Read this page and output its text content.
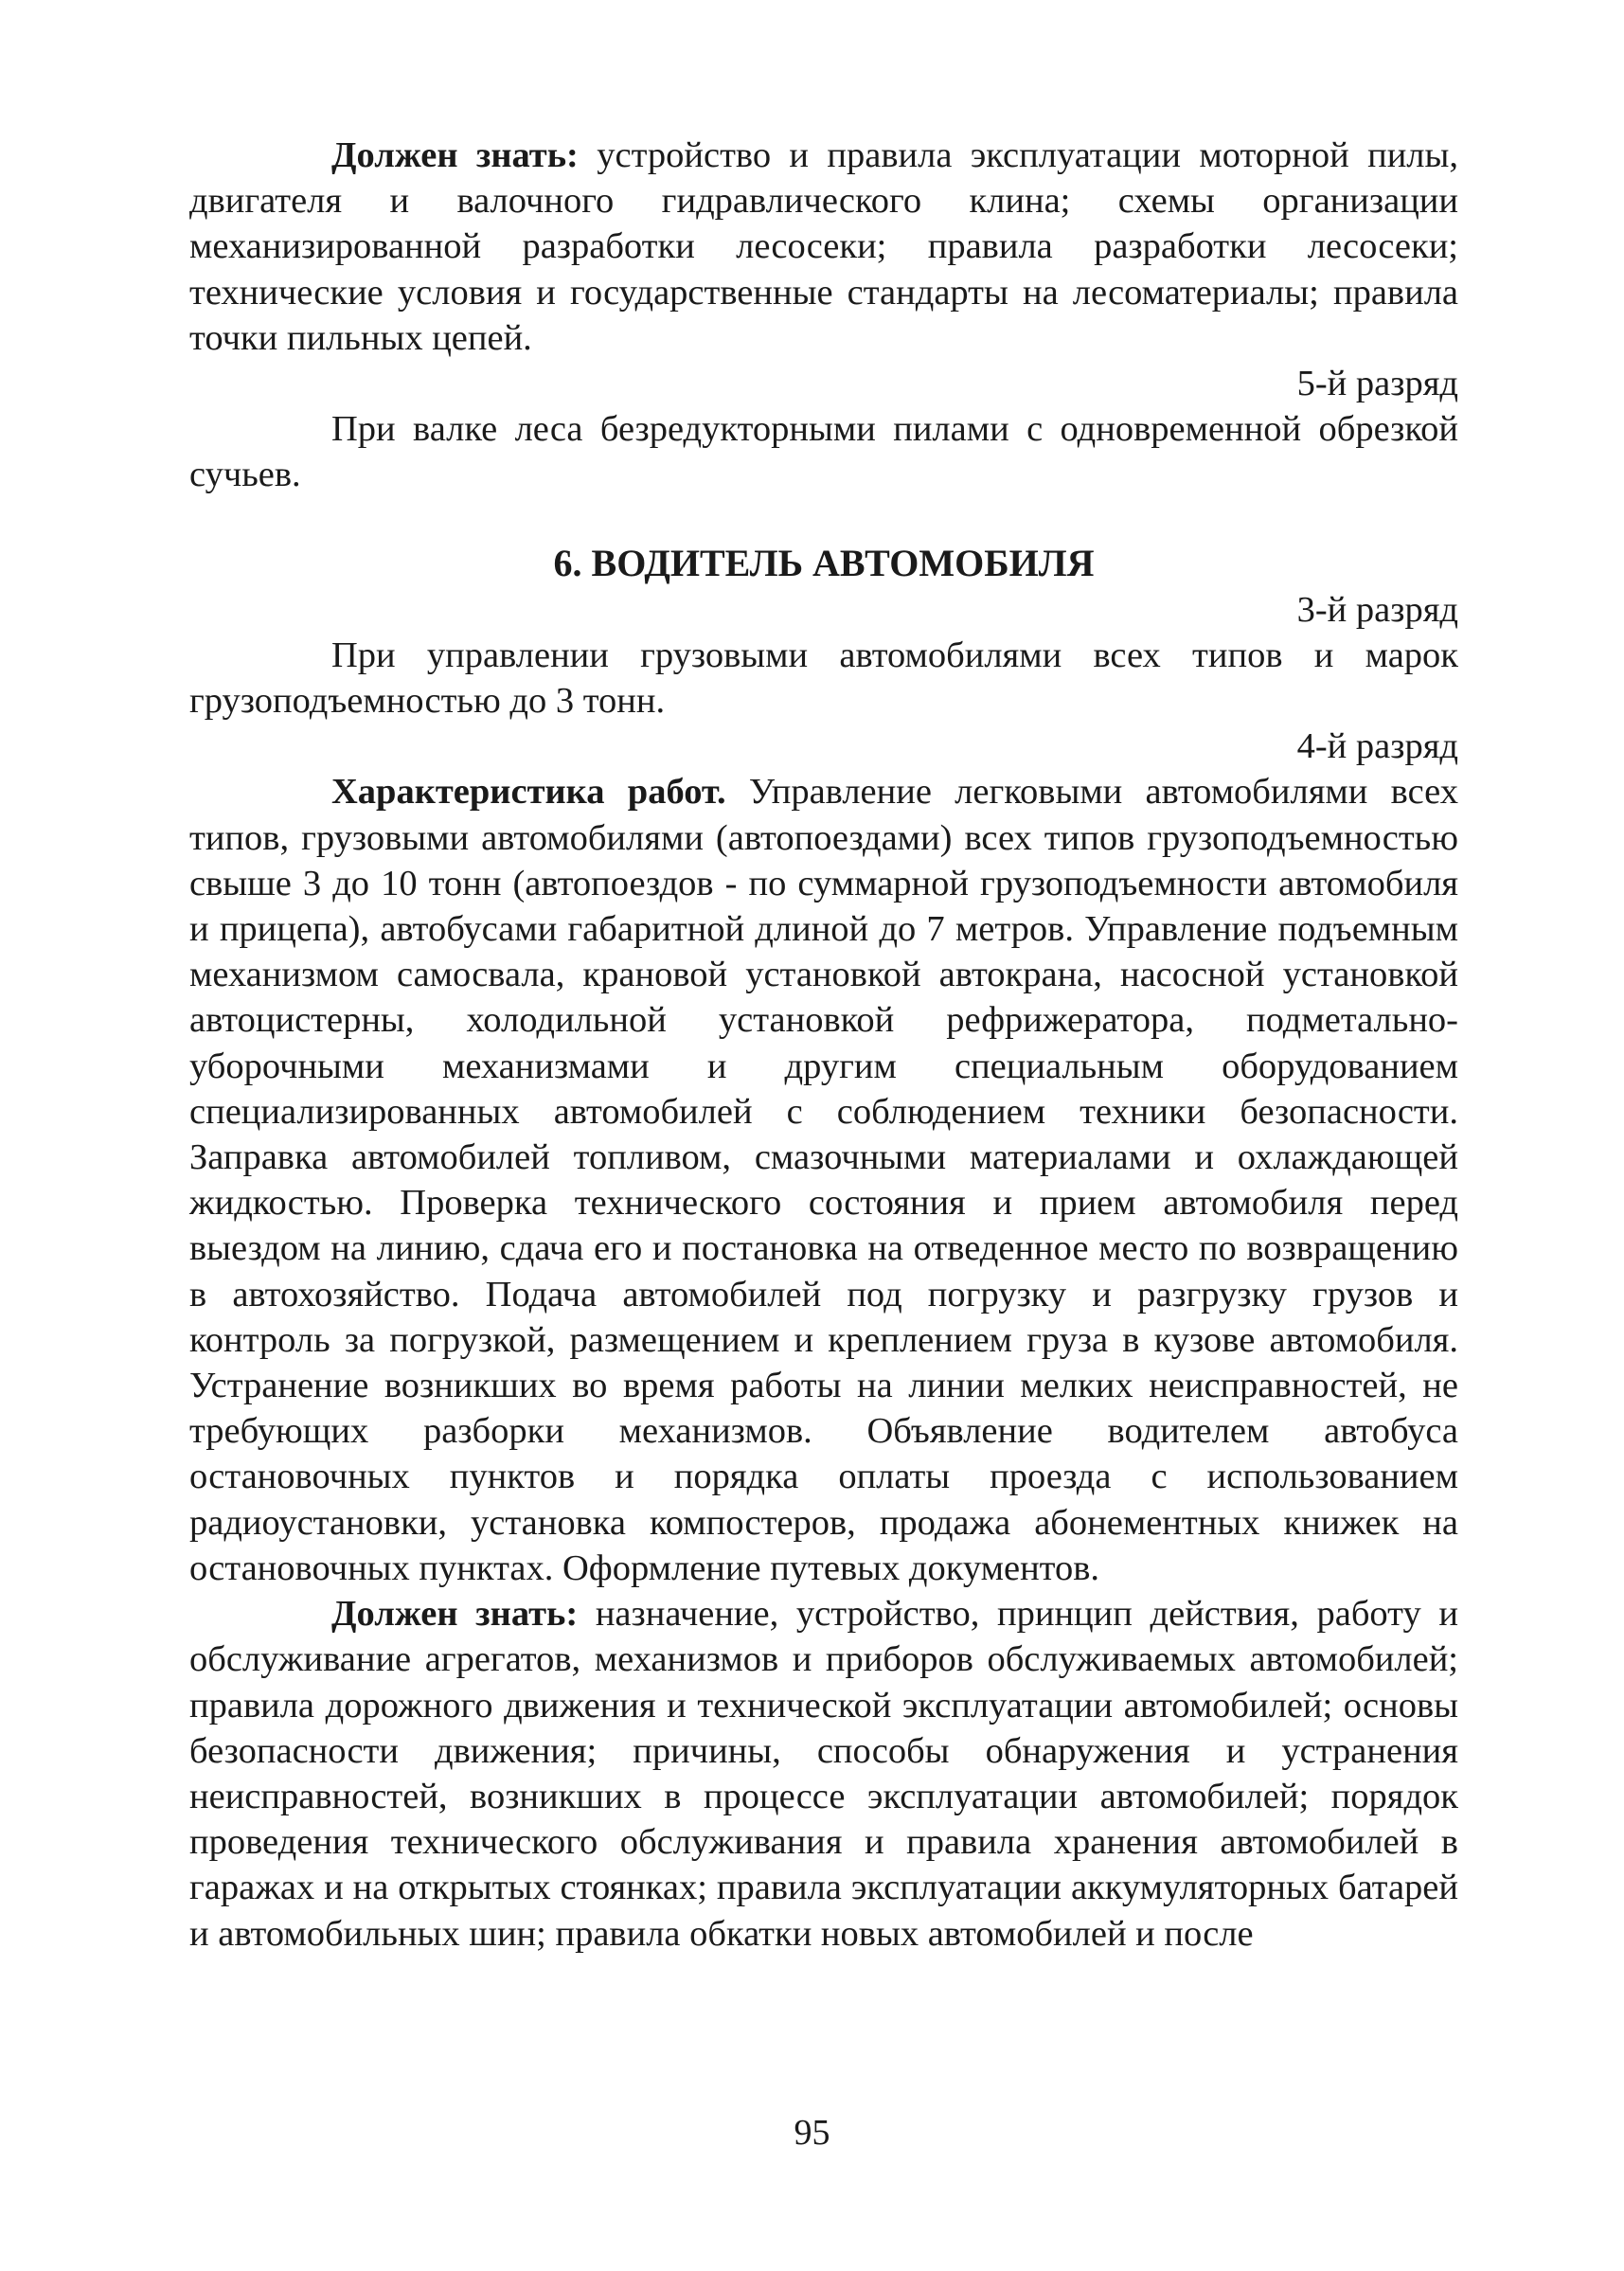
Должен знать: устройство и правила эксплуатации моторной пилы, двигателя и валочного гидравлического клина; схемы организации механизированной разработки лесосеки; правила разработки лесосеки; технические условия и государственные стандарты на лесоматериалы; правила точки пильных цепей.

5-й разряд

При валке леса безредукторными пилами с одновременной обрезкой сучьев.

6. ВОДИТЕЛЬ АВТОМОБИЛЯ

3-й разряд

При управлении грузовыми автомобилями всех типов и марок грузоподъемностью до 3 тонн.

4-й разряд

Характеристика работ. Управление легковыми автомобилями всех типов, грузовыми автомобилями (автопоездами) всех типов грузоподъемностью свыше 3 до 10 тонн (автопоездов - по суммарной грузоподъемности автомобиля и прицепа), автобусами габаритной длиной до 7 метров. Управление подъемным механизмом самосвала, крановой установкой автокрана, насосной установкой автоцистерны, холодильной установкой рефрижератора, подметально-уборочными механизмами и другим специальным оборудованием специализированных автомобилей с соблюдением техники безопасности. Заправка автомобилей топливом, смазочными материалами и охлаждающей жидкостью. Проверка технического состояния и прием автомобиля перед выездом на линию, сдача его и постановка на отведенное место по возвращению в автохозяйство. Подача автомобилей под погрузку и разгрузку грузов и контроль за погрузкой, размещением и креплением груза в кузове автомобиля. Устранение возникших во время работы на линии мелких неисправностей, не требующих разборки механизмов. Объявление водителем автобуса остановочных пунктов и порядка оплаты проезда с использованием радиоустановки, установка компостеров, продажа абонементных книжек на остановочных пунктах. Оформление путевых документов.

Должен знать: назначение, устройство, принцип действия, работу и обслуживание агрегатов, механизмов и приборов обслуживаемых автомобилей; правила дорожного движения и технической эксплуатации автомобилей; основы безопасности движения; причины, способы обнаружения и устранения неисправностей, возникших в процессе эксплуатации автомобилей; порядок проведения технического обслуживания и правила хранения автомобилей в гаражах и на открытых стоянках; правила эксплуатации аккумуляторных батарей и автомобильных шин; правила обкатки новых автомобилей и после

95
